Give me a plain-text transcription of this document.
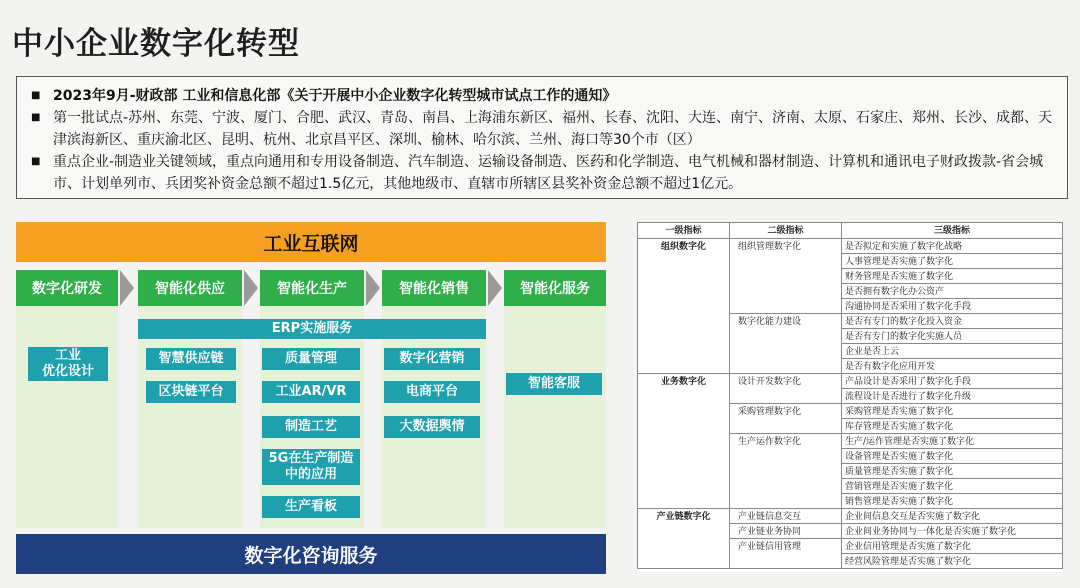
中小企业数字化转型
■ 2023年9月-财政部 工业和信息化部《关于开展中小企业数字化转型城市试点工作的通知》
■ 第一批试点-苏州、东莞、宁波、厦门、合肥、武汉、青岛、南昌、上海浦东新区、福州、长春、沈阳、大连、南宁、济南、太原、石家庄、郑州、长沙、成都、天津滨海新区、重庆渝北区、昆明、杭州、北京昌平区、深圳、榆林、哈尔滨、兰州、海口等30个市（区）
■ 重点企业-制造业关键领域，重点向通用和专用设备制造、汽车制造、运输设备制造、医药和化学制造、电气机械和器材制造、计算机和通讯电子财政拨款-省会城市、计划单列市、兵团奖补资金总额不超过1.5亿元，其他地级市、直辖市所辖区县奖补资金总额不超过1亿元。
工业互联网
数字化研发	智能化供应	智能化生产	智能化销售	智能化服务
ERP实施服务
工业
优化设计
智慧供应链
区块链平台
质量管理
工业AR/VR
制造工艺
5G在生产制造
中的应用
生产看板
数字化营销
电商平台
大数据舆情
智能客服
数字化咨询服务
一级指标	二级指标	三级指标
组织数字化	组织管理数字化	是否拟定和实施了数字化战略
		人事管理是否实施了数字化
		财务管理是否实施了数字化
		是否拥有数字化办公资产
		沟通协同是否采用了数字化手段
	数字化能力建设	是否有专门的数字化投入资金
		是否有专门的数字化实施人员
		企业是否上云
		是否有数字化应用开发
业务数字化	设计开发数字化	产品设计是否采用了数字化手段
		流程设计是否进行了数字化升级
	采购管理数字化	采购管理是否实施了数字化
		库存管理是否实施了数字化
	生产运作数字化	生产/运作管理是否实施了数字化
		设备管理是否实施了数字化
		质量管理是否实施了数字化
		营销管理是否实施了数字化
		销售管理是否实施了数字化
产业链数字化	产业链信息交互	企业间信息交互是否实施了数字化
	产业链业务协同	企业间业务协同与一体化是否实施了数字化
	产业链信用管理	企业信用管理是否实施了数字化
		经营风险管理是否实施了数字化
